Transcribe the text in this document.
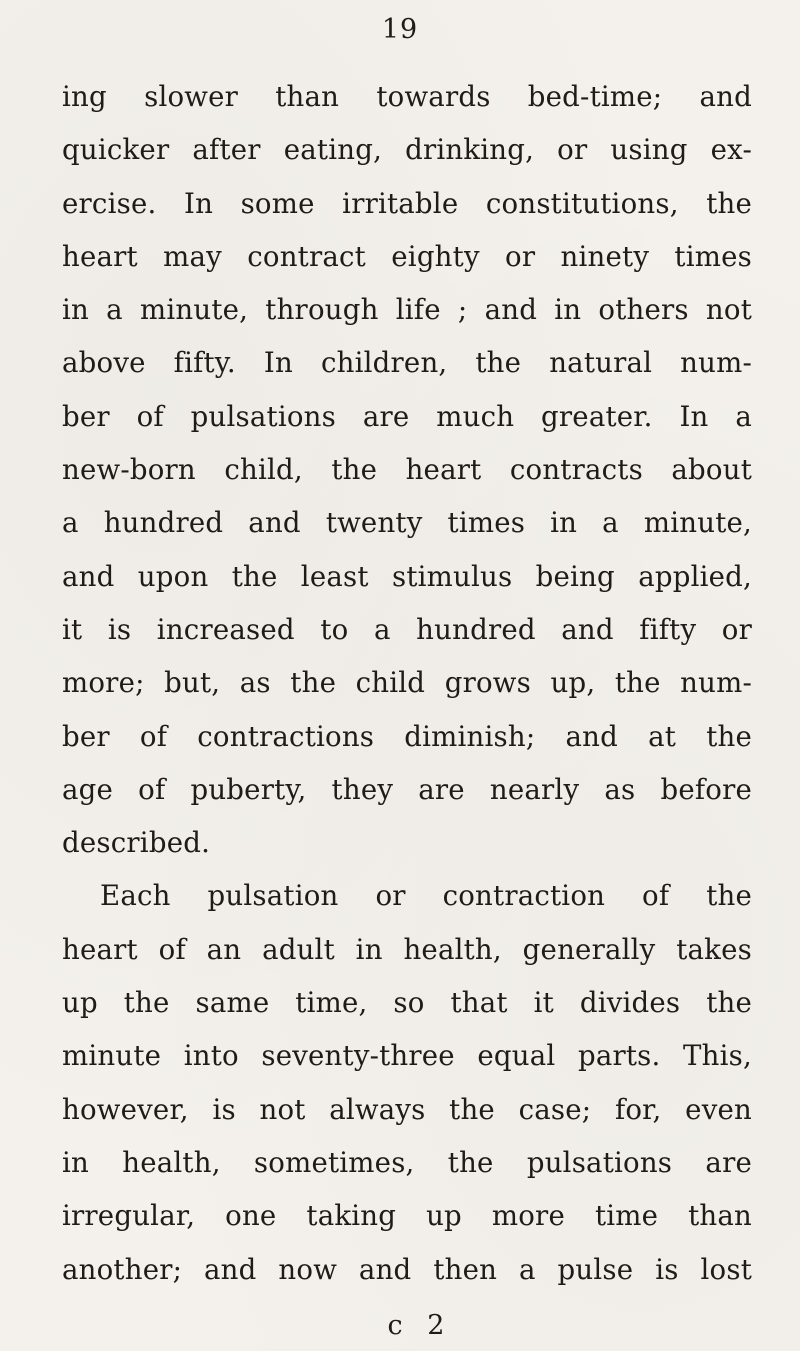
19
ing slower than towards bed-time; and
quicker after eating, drinking, or using ex-
ercise. In some irritable constitutions, the
heart may contract eighty or ninety times
in a minute, through life ; and in others not
above fifty. In children, the natural num-
ber of pulsations are much greater. In a
new-born child, the heart contracts about
a hundred and twenty times in a minute,
and upon the least stimulus being applied,
it is increased to a hundred and fifty or
more; but, as the child grows up, the num-
ber of contractions diminish; and at the
age of puberty, they are nearly as before
described.
Each pulsation or contraction of the
heart of an adult in health, generally takes
up the same time, so that it divides the
minute into seventy-three equal parts. This,
however, is not always the case; for, even
in health, sometimes, the pulsations are
irregular, one taking up more time than
another; and now and then a pulse is lost
c 2
